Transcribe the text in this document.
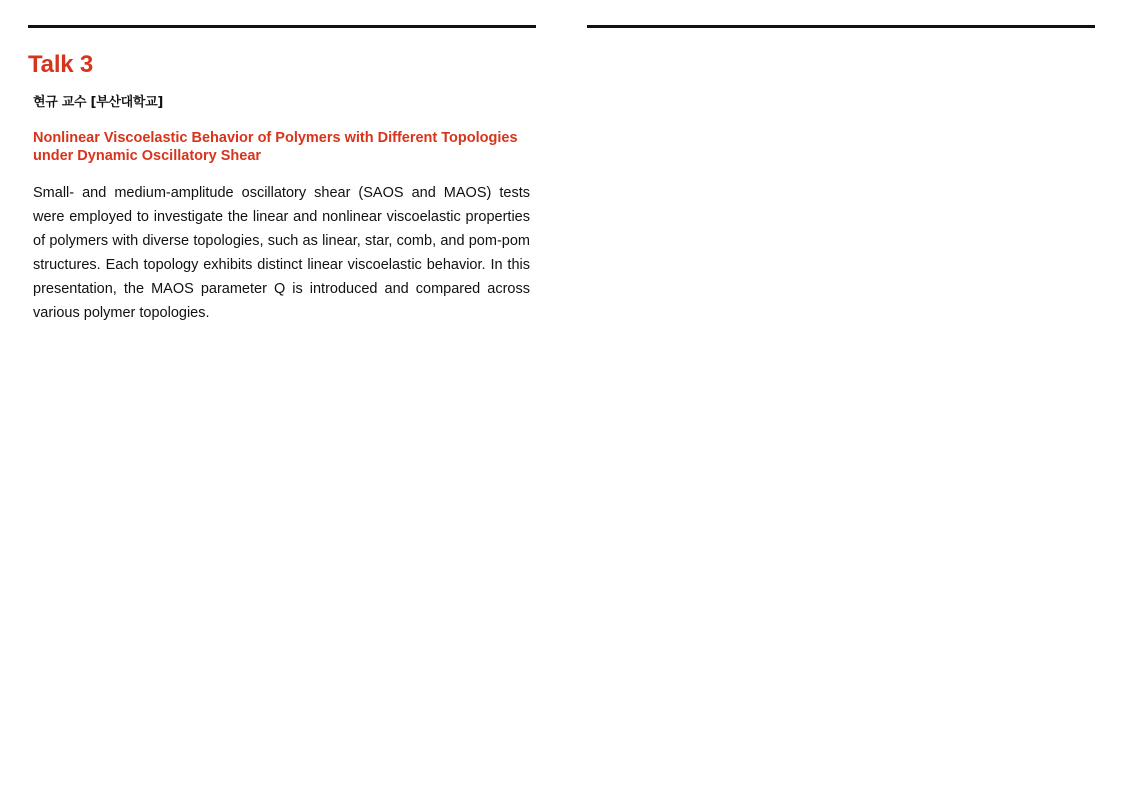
Talk 3
현규 교수 [부산대학교]
Nonlinear Viscoelastic Behavior of Polymers with Different Topologies
under Dynamic Oscillatory Shear

Small- and medium-amplitude oscillatory shear (SAOS and MAOS) tests were employed to investigate the linear and nonlinear viscoelastic properties of polymers with diverse topologies, such as linear, star, comb, and pom-pom structures. Each topology exhibits distinct linear viscoelastic behavior. In this presentation, the MAOS parameter Q is introduced and compared across various polymer topologies.
